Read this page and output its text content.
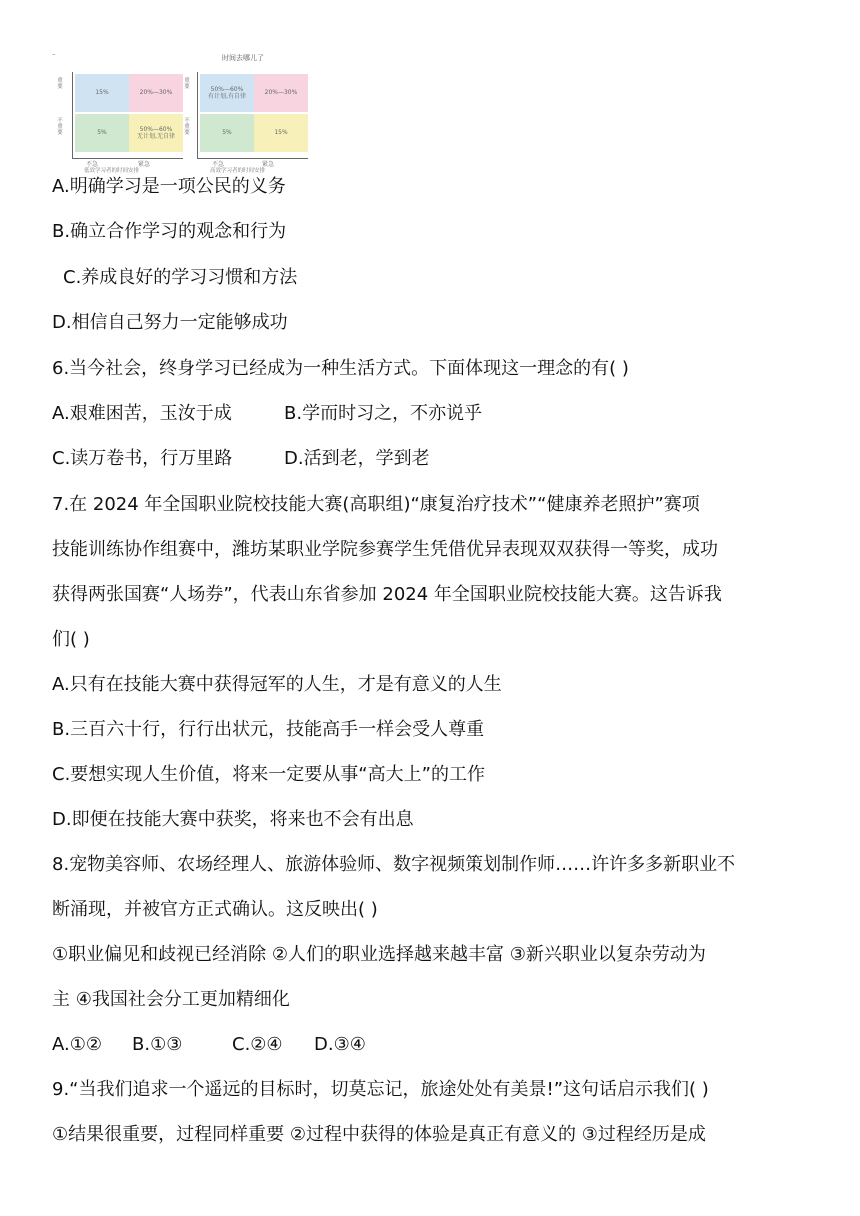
–	时间去哪儿了
重要
不重要
15%	20%—30%
5%
50%—60%
无计划,无自律
不急	紧急
低效学习者的时间安排
重要
不重要
50%—60%
有计划,有自律
20%—30%
5%	15%
不急	紧急
高效学习者的时间安排
A.明确学习是一项公民的义务
B.确立合作学习的观念和行为
C.养成良好的学习习惯和方法
D.相信自己努力一定能够成功
6.当今社会，终身学习已经成为一种生活方式。下面体现这一理念的有( )
A.艰难困苦，玉汝于成	B.学而时习之，不亦说乎
C.读万卷书，行万里路	D.活到老，学到老
7.在 2024 年全国职业院校技能大赛(高职组)“康复治疗技术”“健康养老照护”赛项
技能训练协作组赛中，潍坊某职业学院参赛学生凭借优异表现双双获得一等奖，成功
获得两张国赛“人场券”，代表山东省参加 2024 年全国职业院校技能大赛。这告诉我
们( )
A.只有在技能大赛中获得冠军的人生，才是有意义的人生
B.三百六十行，行行出状元，技能高手一样会受人尊重
C.要想实现人生价值，将来一定要从事“高大上”的工作
D.即便在技能大赛中获奖，将来也不会有出息
8.宠物美容师、农场经理人、旅游体验师、数字视频策划制作师……许许多多新职业不
断涌现，并被官方正式确认。这反映出( )
①职业偏见和歧视已经消除 ②人们的职业选择越来越丰富 ③新兴职业以复杂劳动为
主 ④我国社会分工更加精细化
A.①② B.①③	C.②④ D.③④
9.“当我们追求一个遥远的目标时，切莫忘记，旅途处处有美景!”这句话启示我们( )
①结果很重要，过程同样重要 ②过程中获得的体验是真正有意义的 ③过程经历是成
